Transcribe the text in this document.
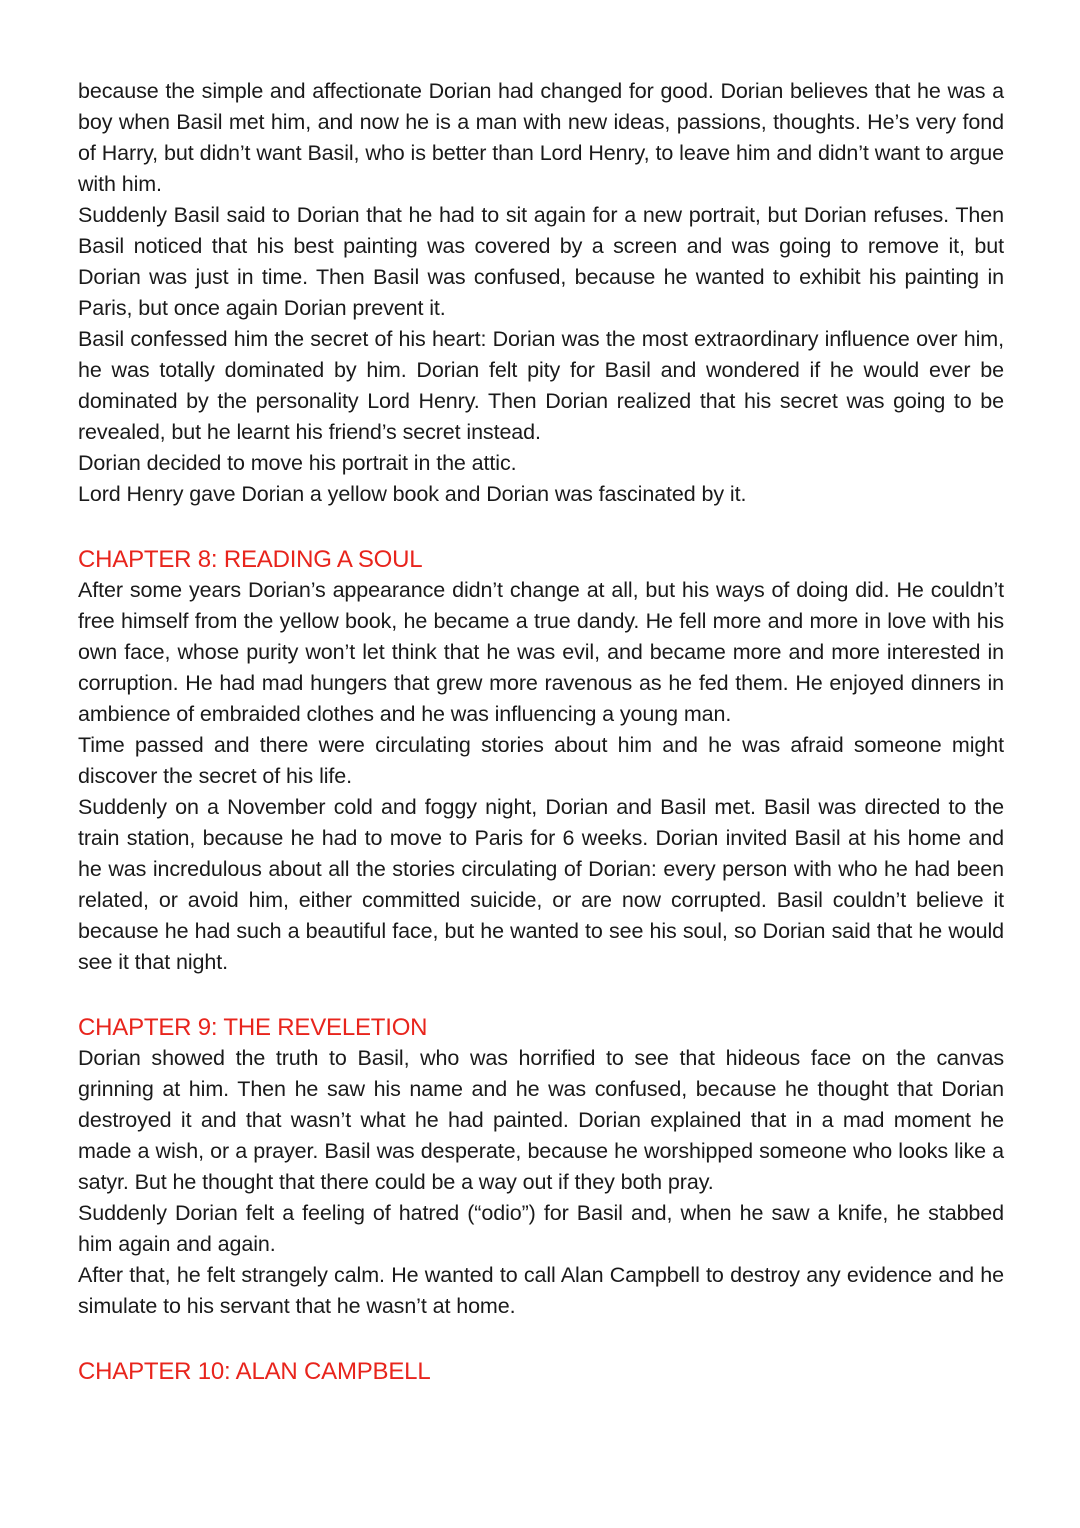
because the simple and affectionate Dorian had changed for good. Dorian believes that he was a boy when Basil met him, and now he is a man with new ideas, passions, thoughts. He’s very fond of Harry, but didn’t want Basil, who is better than Lord Henry, to leave him and didn’t want to argue with him.

Suddenly Basil said to Dorian that he had to sit again for a new portrait, but Dorian refuses. Then Basil noticed that his best painting was covered by a screen and was going to remove it, but Dorian was just in time. Then Basil was confused, because he wanted to exhibit his painting in Paris, but once again Dorian prevent it.

Basil confessed him the secret of his heart: Dorian was the most extraordinary influence over him, he was totally dominated by him. Dorian felt pity for Basil and wondered if he would ever be dominated by the personality Lord Henry. Then Dorian realized that his secret was going to be revealed, but he learnt his friend’s secret instead.

Dorian decided to move his portrait in the attic.

Lord Henry gave Dorian a yellow book and Dorian was fascinated by it.

CHAPTER 8: READING A SOUL

After some years Dorian’s appearance didn’t change at all, but his ways of doing did. He couldn’t free himself from the yellow book, he became a true dandy. He fell more and more in love with his own face, whose purity won’t let think that he was evil, and became more and more interested in corruption. He had mad hungers that grew more ravenous as he fed them. He enjoyed dinners in ambience of embraided clothes and he was influencing a young man.

Time passed and there were circulating stories about him and he was afraid someone might discover the secret of his life.

Suddenly on a November cold and foggy night, Dorian and Basil met. Basil was directed to the train station, because he had to move to Paris for 6 weeks. Dorian invited Basil at his home and he was incredulous about all the stories circulating of Dorian: every person with who he had been related, or avoid him, either committed suicide, or are now corrupted. Basil couldn’t believe it because he had such a beautiful face, but he wanted to see his soul, so Dorian said that he would see it that night.

CHAPTER 9: THE REVELETION

Dorian showed the truth to Basil, who was horrified to see that hideous face on the canvas grinning at him. Then he saw his name and he was confused, because he thought that Dorian destroyed it and that wasn’t what he had painted. Dorian explained that in a mad moment he made a wish, or a prayer. Basil was desperate, because he worshipped someone who looks like a satyr. But he thought that there could be a way out if they both pray.

Suddenly Dorian felt a feeling of hatred (“odio”) for Basil and, when he saw a knife, he stabbed him again and again.

After that, he felt strangely calm. He wanted to call Alan Campbell to destroy any evidence and he simulate to his servant that he wasn’t at home.

CHAPTER 10: ALAN CAMPBELL
